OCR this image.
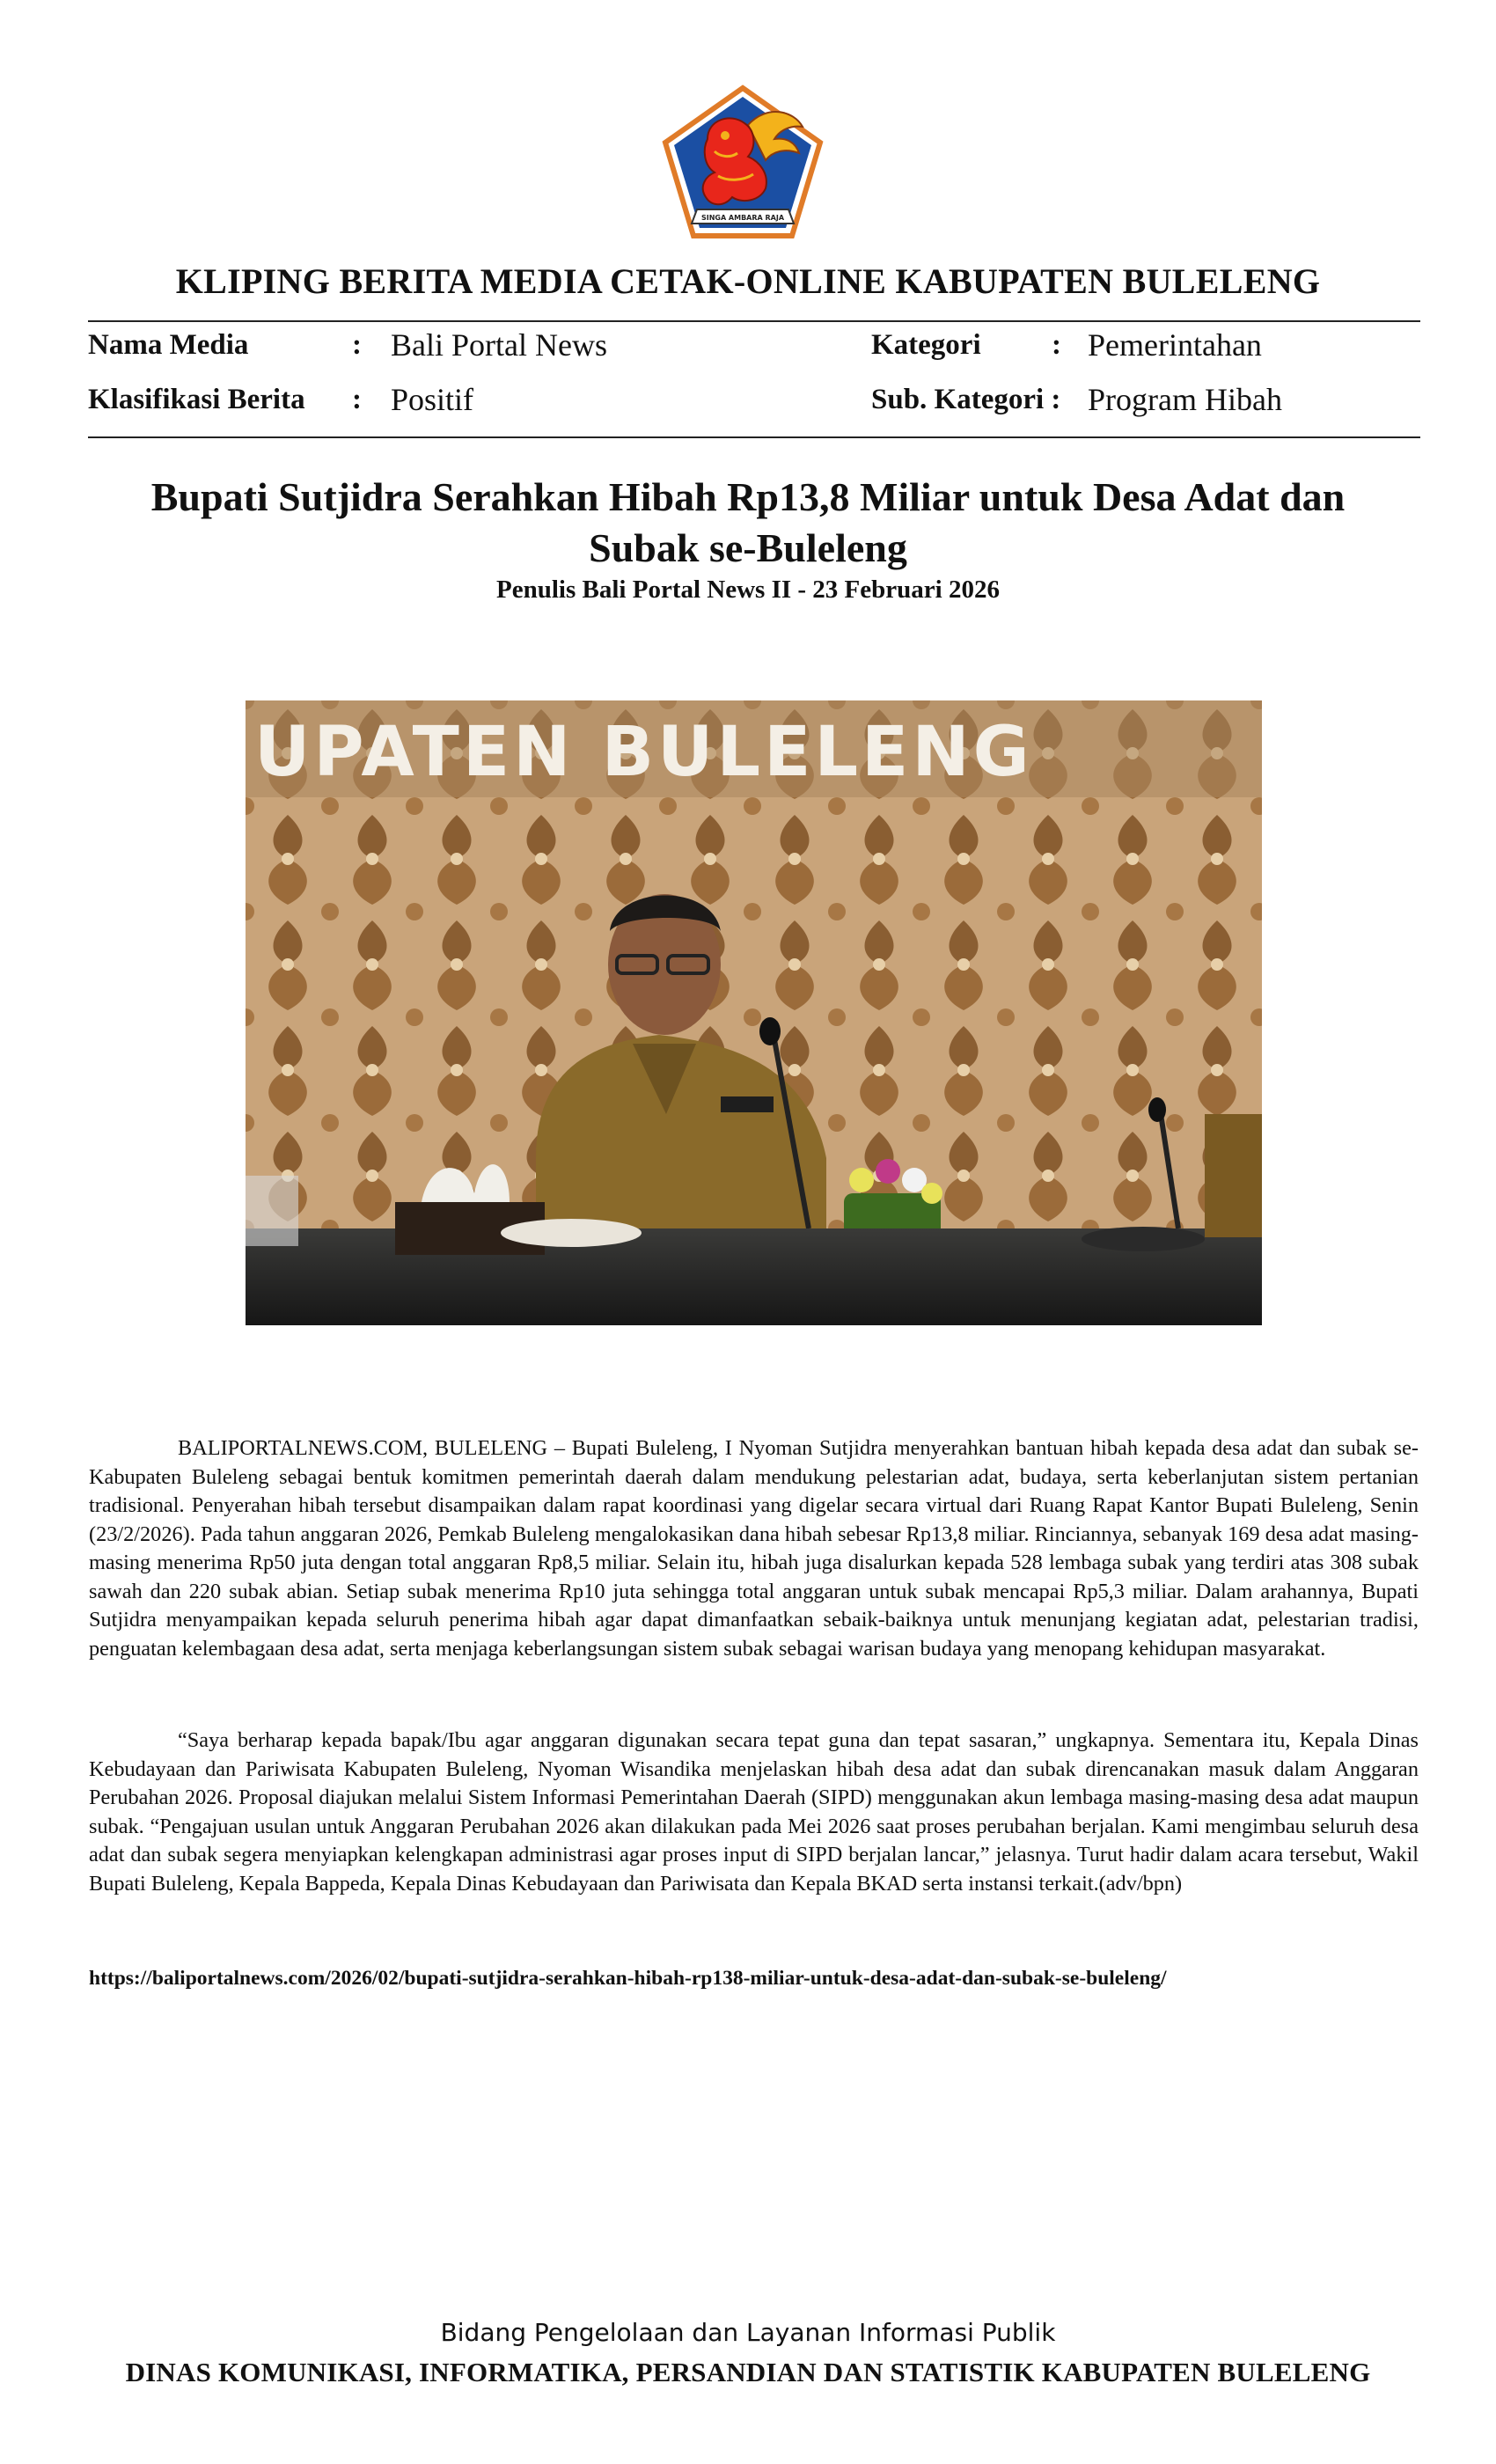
SINGA AMBARA RAJA
KLIPING BERITA MEDIA CETAK-ONLINE KABUPATEN BULELENG
Nama Media	: Bali Portal News
Klasifikasi Berita : Positif
Kategori : Pemerintahan
Sub. Kategori : Program Hibah
Bupati Sutjidra Serahkan Hibah Rp13,8 Miliar untuk Desa Adat dan Subak se-Buleleng
Penulis Bali Portal News II - 23 Februari 2026
UPATEN BULELENG

BALIPORTALNEWS.COM, BULELENG – Bupati Buleleng, I Nyoman Sutjidra menyerahkan bantuan hibah kepada desa adat dan subak se-Kabupaten Buleleng sebagai bentuk komitmen pemerintah daerah dalam mendukung pelestarian adat, budaya, serta keberlanjutan sistem pertanian tradisional. Penyerahan hibah tersebut disampaikan dalam rapat koordinasi yang digelar secara virtual dari Ruang Rapat Kantor Bupati Buleleng, Senin (23/2/2026). Pada tahun anggaran 2026, Pemkab Buleleng mengalokasikan dana hibah sebesar Rp13,8 miliar. Rinciannya, sebanyak 169 desa adat masing-masing menerima Rp50 juta dengan total anggaran Rp8,5 miliar. Selain itu, hibah juga disalurkan kepada 528 lembaga subak yang terdiri atas 308 subak sawah dan 220 subak abian. Setiap subak menerima Rp10 juta sehingga total anggaran untuk subak mencapai Rp5,3 miliar. Dalam arahannya, Bupati Sutjidra menyampaikan kepada seluruh penerima hibah agar dapat dimanfaatkan sebaik-baiknya untuk menunjang kegiatan adat, pelestarian tradisi, penguatan kelembagaan desa adat, serta menjaga keberlangsungan sistem subak sebagai warisan budaya yang menopang kehidupan masyarakat.

“Saya berharap kepada bapak/Ibu agar anggaran digunakan secara tepat guna dan tepat sasaran,” ungkapnya. Sementara itu, Kepala Dinas Kebudayaan dan Pariwisata Kabupaten Buleleng, Nyoman Wisandika menjelaskan hibah desa adat dan subak direncanakan masuk dalam Anggaran Perubahan 2026. Proposal diajukan melalui Sistem Informasi Pemerintahan Daerah (SIPD) menggunakan akun lembaga masing-masing desa adat maupun subak. “Pengajuan usulan untuk Anggaran Perubahan 2026 akan dilakukan pada Mei 2026 saat proses perubahan berjalan. Kami mengimbau seluruh desa adat dan subak segera menyiapkan kelengkapan administrasi agar proses input di SIPD berjalan lancar,” jelasnya. Turut hadir dalam acara tersebut, Wakil Bupati Buleleng, Kepala Bappeda, Kepala Dinas Kebudayaan dan Pariwisata dan Kepala BKAD serta instansi terkait.(adv/bpn)

https://baliportalnews.com/2026/02/bupati-sutjidra-serahkan-hibah-rp138-miliar-untuk-desa-adat-dan-subak-se-buleleng/
Bidang Pengelolaan dan Layanan Informasi Publik
DINAS KOMUNIKASI, INFORMATIKA, PERSANDIAN DAN STATISTIK KABUPATEN BULELENG
